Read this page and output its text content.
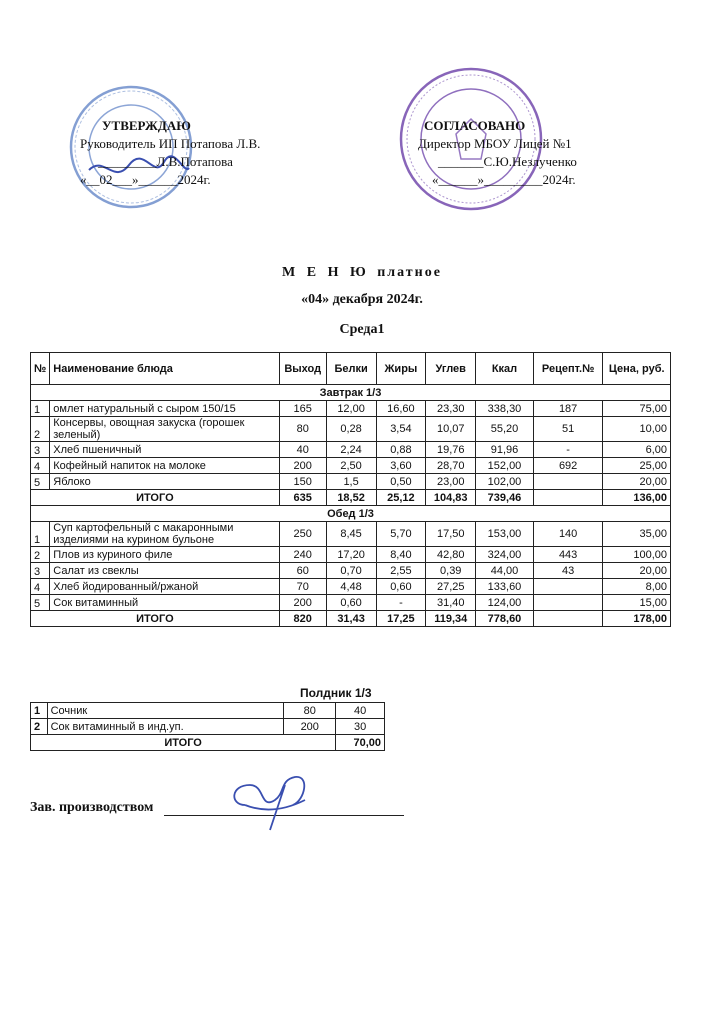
УТВЕРЖДАЮ
Руководитель ИП Потапова Л.В.
_________Л.В.Потапова
«__02___»______2024г.
СОГЛАСОВАНО
Директор МБОУ Лицей №1
_______С.Ю.Незлученко
«______»_________2024г.
М Е Н Ю платное
«04» декабря 2024г.
Среда1
№	Наименование блюда	Выход	Белки	Жиры	Углев	Ккал	Рецепт.№	Цена, руб.
Завтрак 1/3								
1	омлет натуральный с сыром 150/15	165	12,00	16,60	23,30	338,30	187	75,00
2	Консервы, овощная закуска (горошек зеленый)	80	0,28	3,54	10,07	55,20	51	10,00
3	Хлеб пшеничный	40	2,24	0,88	19,76	91,96	-	6,00
4	Кофейный напиток на молоке	200	2,50	3,60	28,70	152,00	692	25,00
5	Яблоко	150	1,5	0,50	23,00	102,00		20,00
ИТОГО		635	18,52	25,12	104,83	739,46		136,00
Обед 1/3								
1	Суп картофельный с макаронными изделиями на курином бульоне	250	8,45	5,70	17,50	153,00	140	35,00
2	Плов из куриного филе	240	17,20	8,40	42,80	324,00	443	100,00
3	Салат из свеклы	60	0,70	2,55	0,39	44,00	43	20,00
4	Хлеб йодированный/ржаной	70	4,48	0,60	27,25	133,60		8,00
5	Сок витаминный	200	0,60	-	31,40	124,00		15,00
ИТОГО		820	31,43	17,25	119,34	778,60		178,00
Полдник 1/3
1	Сочник	80	40
2	Сок витаминный в инд.уп.	200	30
ИТОГО			70,00
Зав. производством
